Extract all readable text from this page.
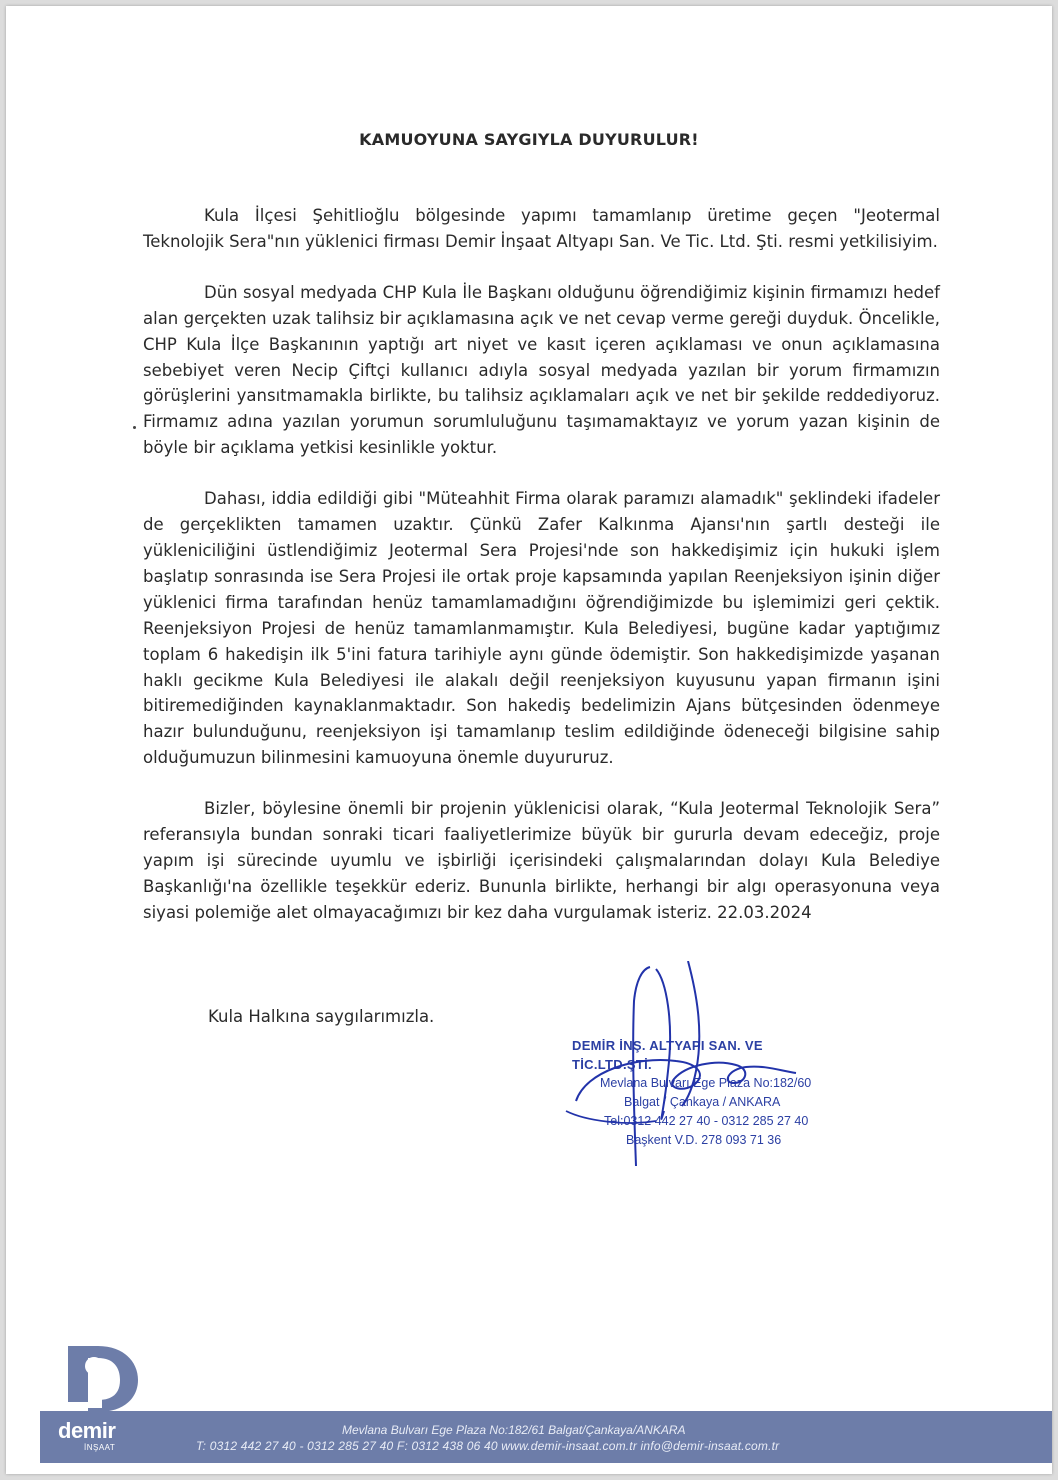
KAMUOYUNA SAYGIYLA DUYURULUR!

Kula İlçesi Şehitlioğlu bölgesinde yapımı tamamlanıp üretime geçen "Jeotermal Teknolojik Sera"nın yüklenici firması Demir İnşaat Altyapı San. Ve Tic. Ltd. Şti. resmi yetkilisiyim.

Dün sosyal medyada CHP Kula İle Başkanı olduğunu öğrendiğimiz kişinin firmamızı hedef alan gerçekten uzak talihsiz bir açıklamasına açık ve net cevap verme gereği duyduk. Öncelikle, CHP Kula İlçe Başkanının yaptığı art niyet ve kasıt içeren açıklaması ve onun açıklamasına sebebiyet veren Necip Çiftçi kullanıcı adıyla sosyal medyada yazılan bir yorum firmamızın görüşlerini yansıtmamakla birlikte, bu talihsiz açıklamaları açık ve net bir şekilde reddediyoruz. Firmamız adına yazılan yorumun sorumluluğunu taşımamaktayız ve yorum yazan kişinin de böyle bir açıklama yetkisi kesinlikle yoktur.

Dahası, iddia edildiği gibi "Müteahhit Firma olarak paramızı alamadık" şeklindeki ifadeler de gerçeklikten tamamen uzaktır. Çünkü Zafer Kalkınma Ajansı'nın şartlı desteği ile yükleniciliğini üstlendiğimiz Jeotermal Sera Projesi'nde son hakkedişimiz için hukuki işlem başlatıp sonrasında ise Sera Projesi ile ortak proje kapsamında yapılan Reenjeksiyon işinin diğer yüklenici firma tarafından henüz tamamlamadığını öğrendiğimizde bu işlemimizi geri çektik. Reenjeksiyon Projesi de henüz tamamlanmamıştır. Kula Belediyesi, bugüne kadar yaptığımız toplam 6 hakedişin ilk 5'ini fatura tarihiyle aynı günde ödemiştir. Son hakkedişimizde yaşanan haklı gecikme Kula Belediyesi ile alakalı değil reenjeksiyon kuyusunu yapan firmanın işini bitiremediğinden kaynaklanmaktadır. Son hakediş bedelimizin Ajans bütçesinden ödenmeye hazır bulunduğunu, reenjeksiyon işi tamamlanıp teslim edildiğinde ödeneceği bilgisine sahip olduğumuzun bilinmesini kamuoyuna önemle duyururuz.

Bizler, böylesine önemli bir projenin yüklenicisi olarak, “Kula Jeotermal Teknolojik Sera” referansıyla bundan sonraki ticari faaliyetlerimize büyük bir gururla devam edeceğiz, proje yapım işi sürecinde uyumlu ve işbirliği içerisindeki çalışmalarından dolayı Kula Belediye Başkanlığı'na özellikle teşekkür ederiz. Bununla birlikte, herhangi bir algı operasyonuna veya siyasi polemiğe alet olmayacağımızı bir kez daha vurgulamak isteriz. 22.03.2024

Kula Halkına saygılarımızla.
DEMİR İNŞ. ALTYAPI SAN. VE TİC.LTD.ŞTİ.
Mevlana Bulvarı Ege Plaza No:182/60
Balgat / Çankaya / ANKARA
Tel:0312 442 27 40 - 0312 285 27 40
Başkent V.D. 278 093 71 36
demir
İNŞAAT
Mevlana Bulvarı Ege Plaza No:182/61 Balgat/Çankaya/ANKARA
T: 0312 442 27 40 - 0312 285 27 40 F: 0312 438 06 40 www.demir-insaat.com.tr info@demir-insaat.com.tr
